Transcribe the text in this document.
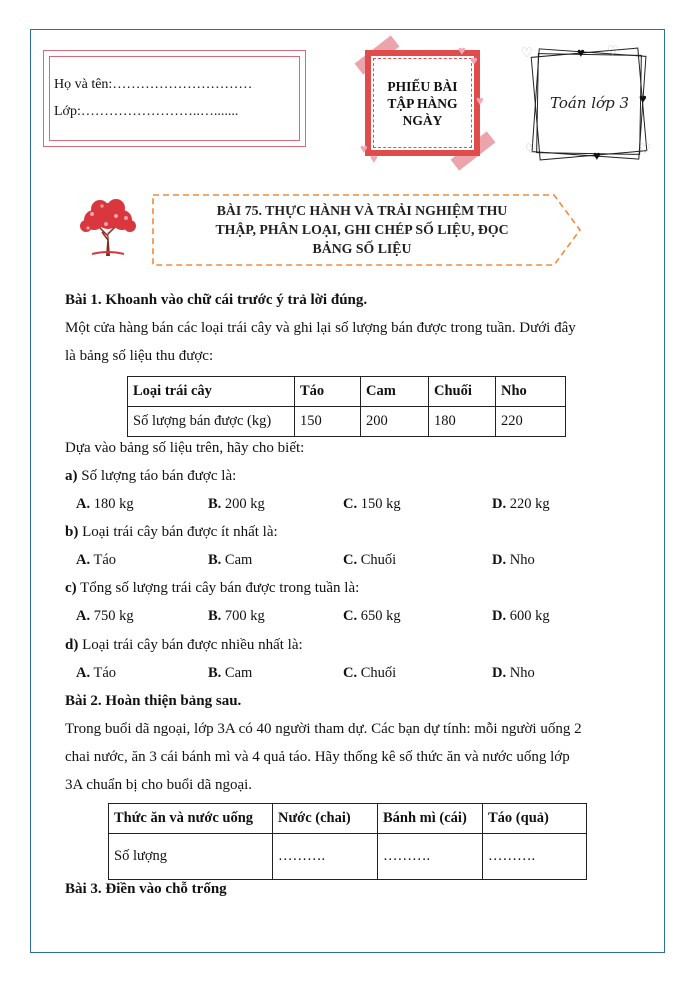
Họ và tên:…………………………
Lớp:……………………..….......
♥
♥
♥
♥
♥
PHIẾU BÀI
TẬP HÀNG
NGÀY
♥ ♡
♥
♡
♥
♡
♡
Toán lớp 3
BÀI 75. THỰC HÀNH VÀ TRẢI NGHIỆM THU
THẬP, PHÂN LOẠI, GHI CHÉP SỐ LIỆU, ĐỌC
BẢNG SỐ LIỆU
Bài 1. Khoanh vào chữ cái trước ý trả lời đúng.
Một cửa hàng bán các loại trái cây và ghi lại số lượng bán được trong tuần. Dưới đây
là bảng số liệu thu được:
Loại trái cây	Táo	Cam	Chuối	Nho
Số lượng bán được (kg)	150	200	180	220
Dựa vào bảng số liệu trên, hãy cho biết:
a) Số lượng táo bán được là:
A. 180 kg	B. 200 kg	C. 150 kg	D. 220 kg
b) Loại trái cây bán được ít nhất là:
A. Táo	B. Cam	C. Chuối	D. Nho
c) Tổng số lượng trái cây bán được trong tuần là:
A. 750 kg	B. 700 kg	C. 650 kg	D. 600 kg
d) Loại trái cây bán được nhiều nhất là:
A. Táo	B. Cam	C. Chuối	D. Nho
Bài 2. Hoàn thiện bảng sau.
Trong buổi dã ngoại, lớp 3A có 40 người tham dự. Các bạn dự tính: mỗi người uống 2
chai nước, ăn 3 cái bánh mì và 4 quả táo. Hãy thống kê số thức ăn và nước uống lớp
3A chuẩn bị cho buổi dã ngoại.
Thức ăn và nước uống	Nước (chai)	Bánh mì (cái)	Táo (quả)
Số lượng	……….	……….	……….
Bài 3. Điền vào chỗ trống
